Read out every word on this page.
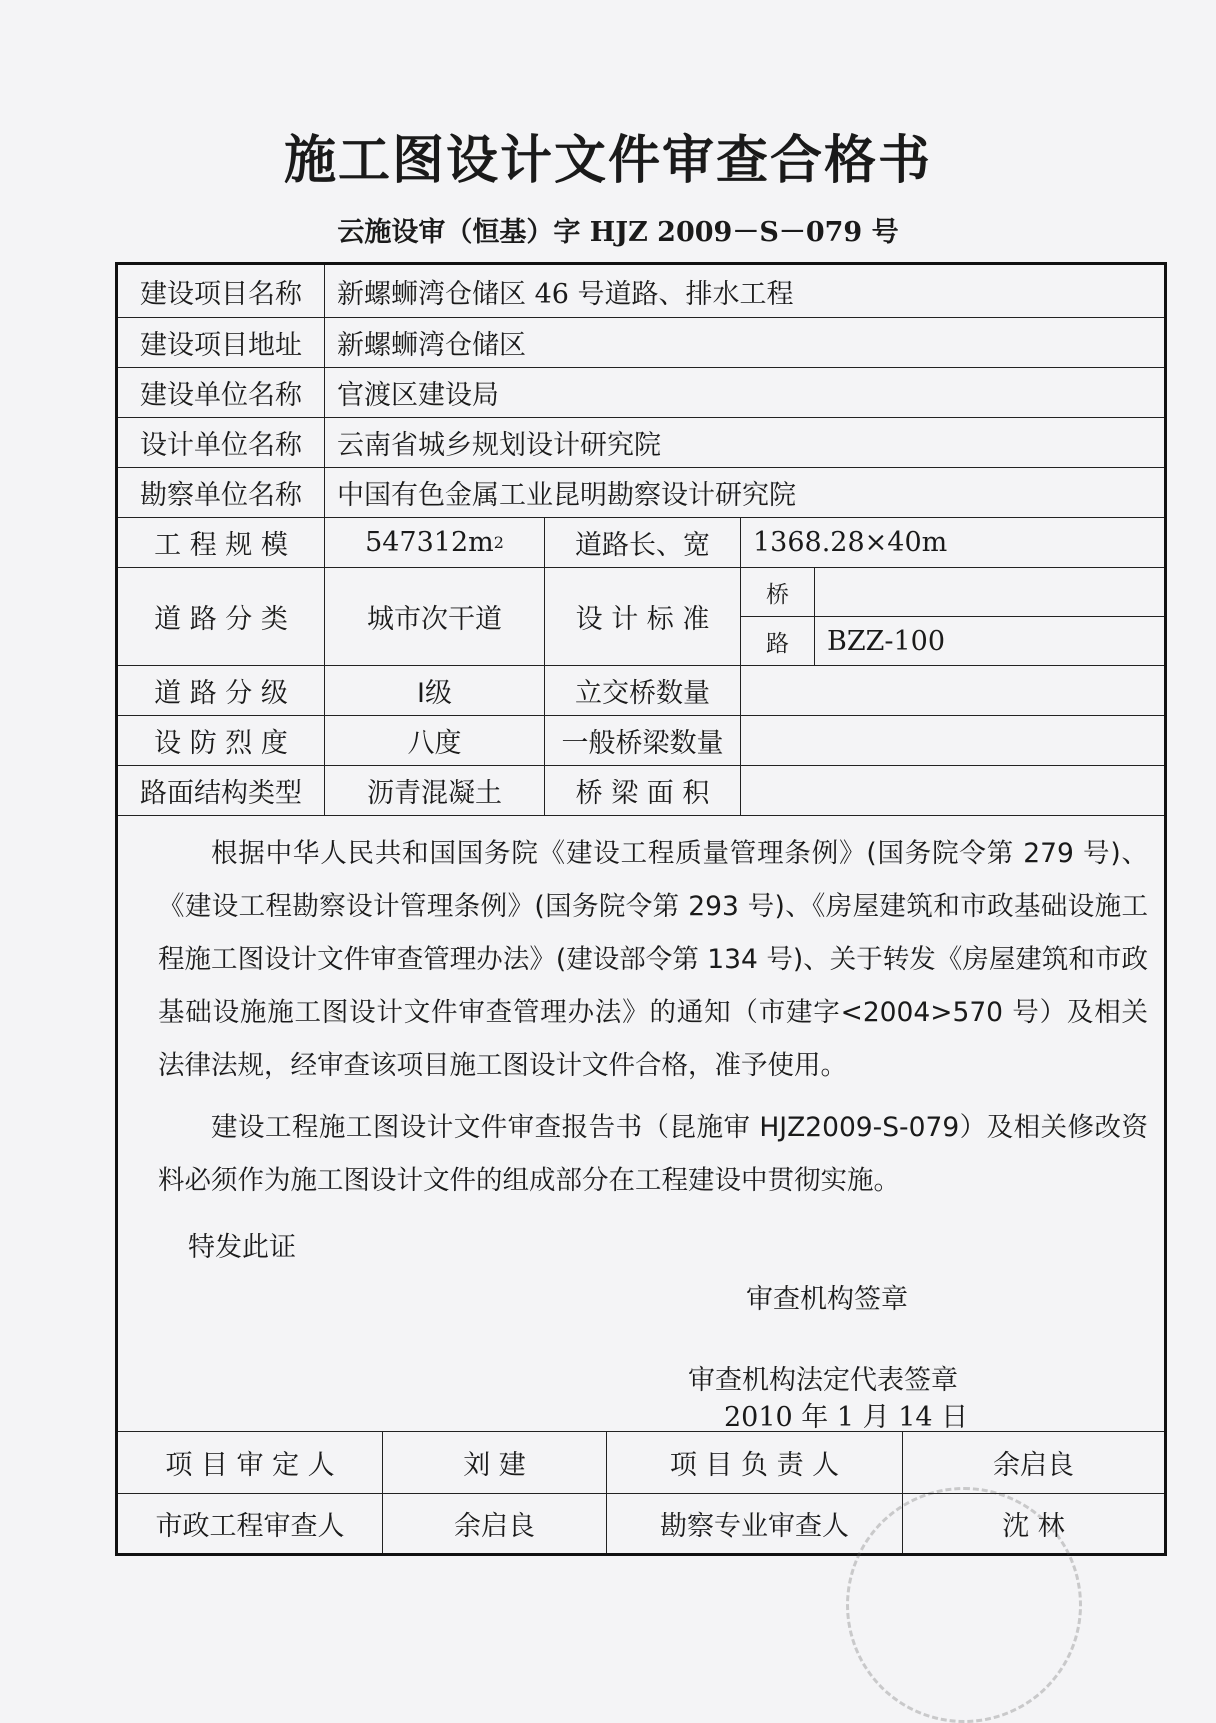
施工图设计文件审查合格书
云施设审（恒基）字 HJZ 2009－S－079 号
建设项目名称	新螺蛳湾仓储区 46 号道路、排水工程
建设项目地址	新螺蛳湾仓储区
建设单位名称	官渡区建设局
设计单位名称	云南省城乡规划设计研究院
勘察单位名称	中国有色金属工业昆明勘察设计研究院
工 程 规 模	547312m 2	道路长、宽	1368.28×40m
道 路 分 类	城市次干道	设 计 标 准
桥
路	BZZ-100
道 路 分 级	Ⅰ级	立交桥数量
设 防 烈 度	八度	一般桥梁数量
路面结构类型	沥青混凝土	桥 梁 面 积
根据中华人民共和国国务院《建设工程质量管理条例》(国务院令第 279 号)、《建设工程勘察设计管理条例》(国务院令第 293 号)、《房屋建筑和市政基础设施工程施工图设计文件审查管理办法》(建设部令第 134 号)、关于转发《房屋建筑和市政基础设施施工图设计文件审查管理办法》的通知（市建字<2004>570 号）及相关法律法规，经审查该项目施工图设计文件合格，准予使用。
建设工程施工图设计文件审查报告书（昆施审 HJZ2009-S-079）及相关修改资料必须作为施工图设计文件的组成部分在工程建设中贯彻实施。
特发此证
审查机构签章
审查机构法定代表签章
2010 年 1 月 14 日
项 目 审 定 人	刘 建	项 目 负 责 人	余启良
市政工程审查人	余启良	勘察专业审查人	沈 林
